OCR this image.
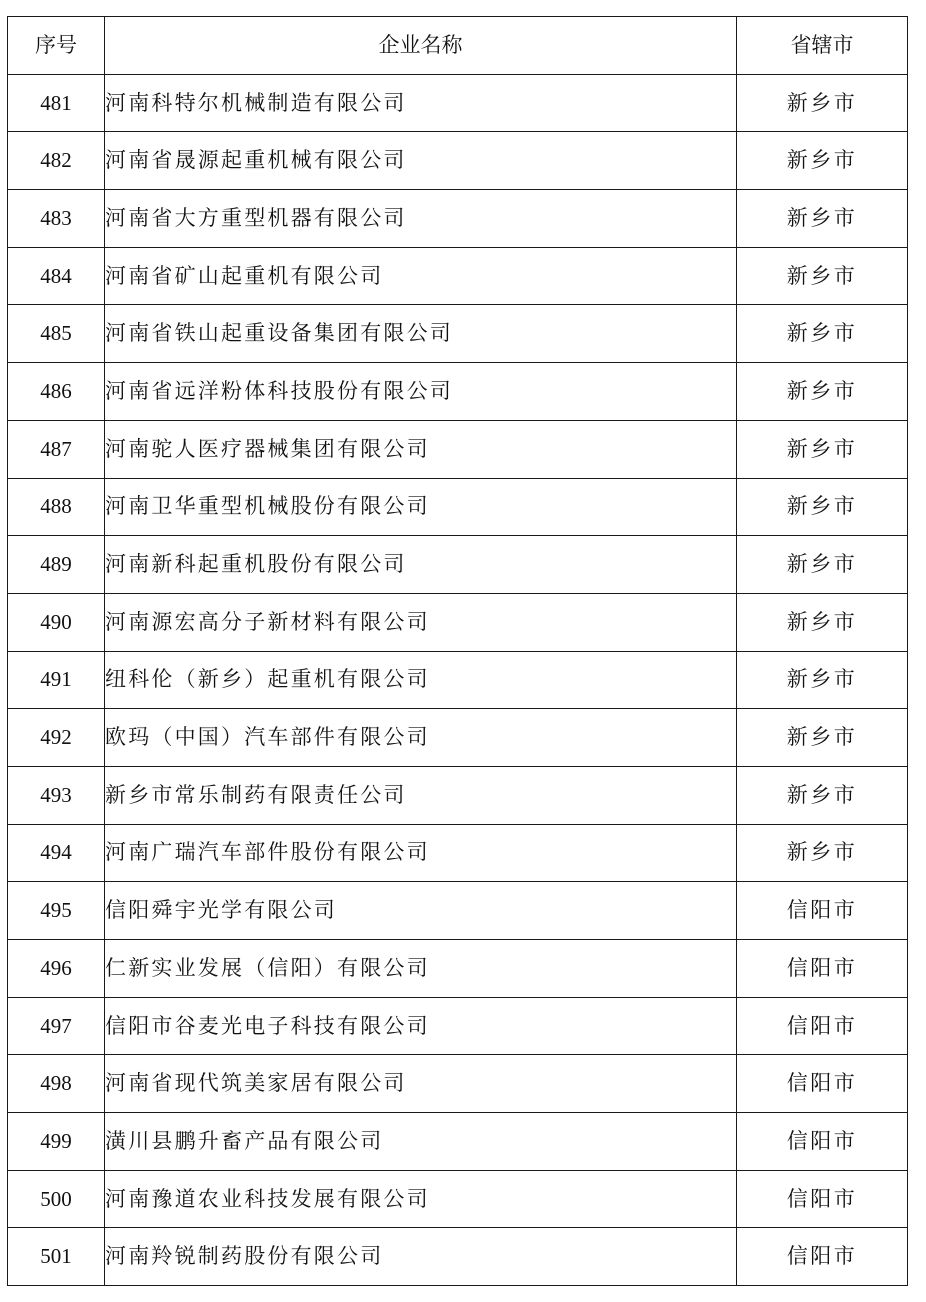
序号	企业名称	省辖市
481	河南科特尔机械制造有限公司	新乡市
482	河南省晟源起重机械有限公司	新乡市
483	河南省大方重型机器有限公司	新乡市
484	河南省矿山起重机有限公司	新乡市
485	河南省铁山起重设备集团有限公司	新乡市
486	河南省远洋粉体科技股份有限公司	新乡市
487	河南驼人医疗器械集团有限公司	新乡市
488	河南卫华重型机械股份有限公司	新乡市
489	河南新科起重机股份有限公司	新乡市
490	河南源宏高分子新材料有限公司	新乡市
491	纽科伦（新乡）起重机有限公司	新乡市
492	欧玛（中国）汽车部件有限公司	新乡市
493	新乡市常乐制药有限责任公司	新乡市
494	河南广瑞汽车部件股份有限公司	新乡市
495	信阳舜宇光学有限公司	信阳市
496	仁新实业发展（信阳）有限公司	信阳市
497	信阳市谷麦光电子科技有限公司	信阳市
498	河南省现代筑美家居有限公司	信阳市
499	潢川县鹏升畜产品有限公司	信阳市
500	河南豫道农业科技发展有限公司	信阳市
501	河南羚锐制药股份有限公司	信阳市
